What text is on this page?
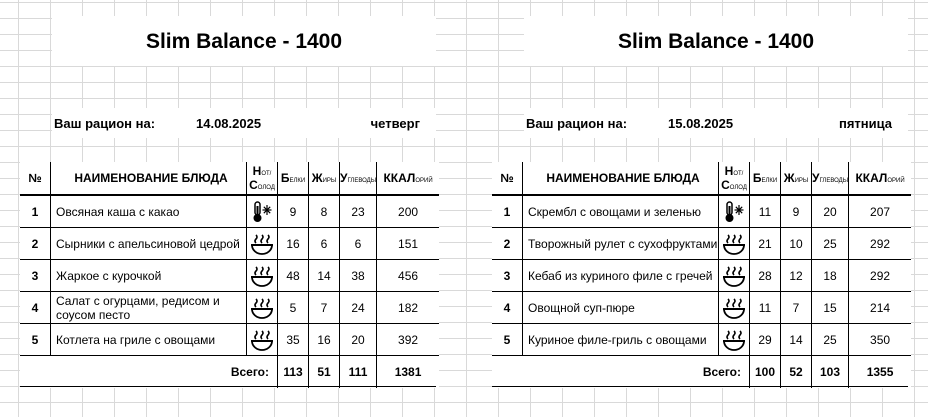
Slim Balance - 1400
Ваш рацион на:	14.08.2025	четверг
№	НАИМЕНОВАНИЕ БЛЮДА	НОТ/СОЛОД	БЕЛКИ	ЖИРЫ	УГЛЕВОДЫ	ККАЛОРИЙ
1	Овсяная каша с какао		9	8	23	200
2	Сырники с апельсиновой цедрой		16	6	6	151
3	Жаркое с курочкой		48	14	38	456
4	Салат с огурцами, редисом и соусом песто		5	7	24	182
5	Котлета на гриле с овощами		35	16	20	392
Всего:			113	51	111	1381
Slim Balance - 1400
Ваш рацион на:	15.08.2025	пятница
№	НАИМЕНОВАНИЕ БЛЮДА	НОТ/СОЛОД	БЕЛКИ	ЖИРЫ	УГЛЕВОДЫ	ККАЛОРИЙ
1	Скрембл с овощами и зеленью		11	9	20	207
2	Творожный рулет с сухофруктами		21	10	25	292
3	Кебаб из куриного филе с гречей		28	12	18	292
4	Овощной суп-пюре		11	7	15	214
5	Куриное филе-гриль с овощами		29	14	25	350
Всего:			100	52	103	1355
